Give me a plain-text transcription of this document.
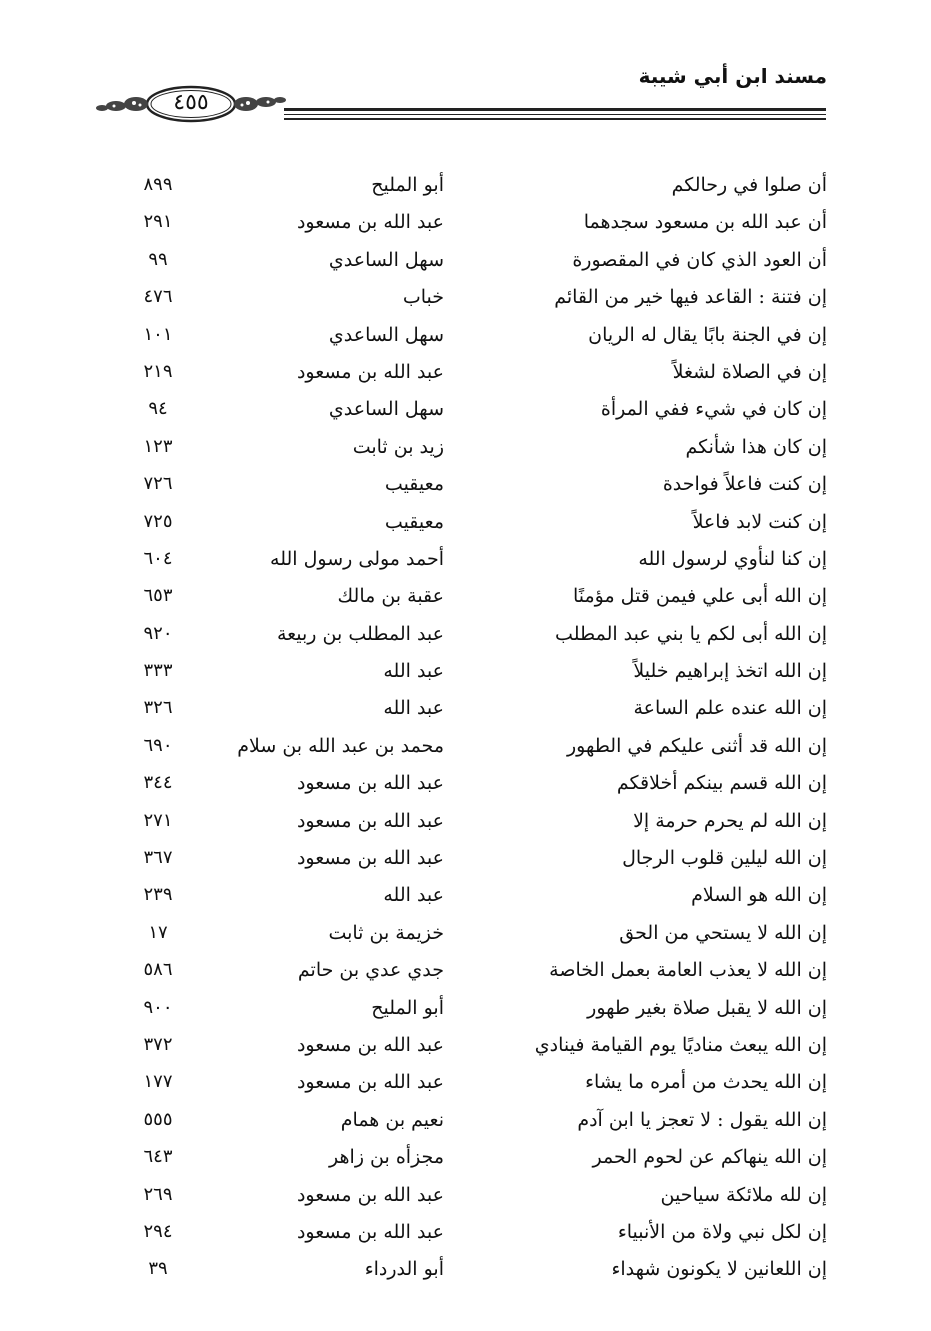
مسند ابن أبي شيبة
٤٥٥
أن صلوا في رحالكم
أبو المليح
٨٩٩
أن عبد الله بن مسعود سجدهما
عبد الله بن مسعود
٢٩١
أن العود الذي كان في المقصورة
سهل الساعدي
٩٩
إن فتنة : القاعد فيها خير من القائم
خباب
٤٧٦
إن في الجنة بابًا يقال له الريان
سهل الساعدي
١٠١
إن في الصلاة لشغلاً
عبد الله بن مسعود
٢١٩
إن كان في شيء ففي المرأة
سهل الساعدي
٩٤
إن كان هذا شأنكم
زيد بن ثابت
١٢٣
إن كنت فاعلاً فواحدة
معيقيب
٧٢٦
إن كنت لابد فاعلاً
معيقيب
٧٢٥
إن كنا لنأوي لرسول الله
أحمد مولى رسول الله
٦٠٤
إن الله أبى علي فيمن قتل مؤمنًا
عقبة بن مالك
٦٥٣
إن الله أبى لكم يا بني عبد المطلب
عبد المطلب بن ربيعة
٩٢٠
إن الله اتخذ إبراهيم خليلاً
عبد الله
٣٣٣
إن الله عنده علم الساعة
عبد الله
٣٢٦
إن الله قد أثنى عليكم في الطهور
محمد بن عبد الله بن سلام
٦٩٠
إن الله قسم بينكم أخلاقكم
عبد الله بن مسعود
٣٤٤
إن الله لم يحرم حرمة إلا
عبد الله بن مسعود
٢٧١
إن الله ليلين قلوب الرجال
عبد الله بن مسعود
٣٦٧
إن الله هو السلام
عبد الله
٢٣٩
إن الله لا يستحي من الحق
خزيمة بن ثابت
١٧
إن الله لا يعذب العامة بعمل الخاصة
جدي عدي بن حاتم
٥٨٦
إن الله لا يقبل صلاة بغير طهور
أبو المليح
٩٠٠
إن الله يبعث مناديًا يوم القيامة فينادي
عبد الله بن مسعود
٣٧٢
إن الله يحدث من أمره ما يشاء
عبد الله بن مسعود
١٧٧
إن الله يقول : لا تعجز يا ابن آدم
نعيم بن همام
٥٥٥
إن الله ينهاكم عن لحوم الحمر
مجزأه بن زاهر
٦٤٣
إن لله ملائكة سياحين
عبد الله بن مسعود
٢٦٩
إن لكل نبي ولاة من الأنبياء
عبد الله بن مسعود
٢٩٤
إن اللعانين لا يكونون شهداء
أبو الدرداء
٣٩
